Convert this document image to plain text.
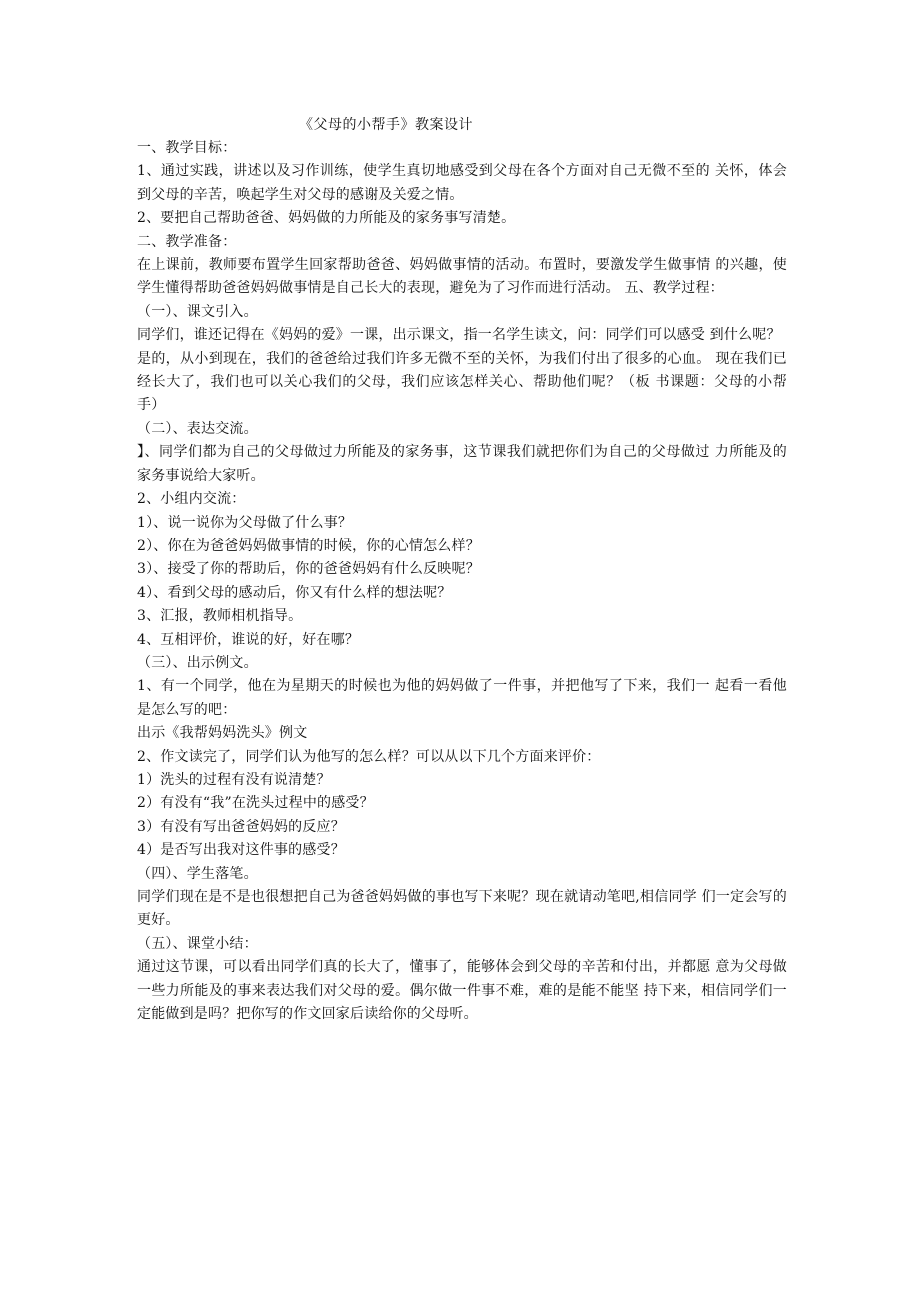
《父母的小帮手》教案设计

一、教学目标：

1、通过实践，讲述以及习作训练，使学生真切地感受到父母在各个方面对自己无微不至的 关怀，体会到父母的辛苦，唤起学生对父母的感谢及关爱之情。

2、要把自己帮助爸爸、妈妈做的力所能及的家务事写清楚。

二、教学准备：

在上课前，教师要布置学生回家帮助爸爸、妈妈做事情的活动。布置时，要激发学生做事情 的兴趣，使学生懂得帮助爸爸妈妈做事情是自己长大的表现，避免为了习作而进行活动。 五、教学过程：

（一）、课文引入。

同学们，谁还记得在《妈妈的爱》一课，出示课文，指一名学生读文，问：同学们可以感受 到什么呢？

是的，从小到现在，我们的爸爸给过我们许多无微不至的关怀，为我们付出了很多的心血。 现在我们已经长大了，我们也可以关心我们的父母，我们应该怎样关心、帮助他们呢？（板 书课题：父母的小帮手）

（二）、表达交流。

】、同学们都为自己的父母做过力所能及的家务事，这节课我们就把你们为自己的父母做过 力所能及的家务事说给大家听。

2、小组内交流：

1）、说一说你为父母做了什么事？

2）、你在为爸爸妈妈做事情的时候，你的心情怎么样？

3）、接受了你的帮助后，你的爸爸妈妈有什么反映呢？

4）、看到父母的感动后，你又有什么样的想法呢？

3、汇报，教师相机指导。

4、互相评价，谁说的好，好在哪？

（三）、出示例文。

1、有一个同学，他在为星期天的时候也为他的妈妈做了一件事，并把他写了下来，我们一 起看一看他是怎么写的吧：

出示《我帮妈妈洗头》例文

2、作文读完了，同学们认为他写的怎么样？可以从以下几个方面来评价：

1）洗头的过程有没有说清楚？

2）有没有“我”在洗头过程中的感受？

3）有没有写出爸爸妈妈的反应？

4）是否写出我对这件事的感受？

（四）、学生落笔。

同学们现在是不是也很想把自己为爸爸妈妈做的事也写下来呢？现在就请动笔吧,相信同学 们一定会写的更好。

（五）、课堂小结：

通过这节课，可以看出同学们真的长大了，懂事了，能够体会到父母的辛苦和付出，并都愿 意为父母做一些力所能及的事来表达我们对父母的爱。偶尔做一件事不难，难的是能不能坚 持下来，相信同学们一定能做到是吗？把你写的作文回家后读给你的父母听。
